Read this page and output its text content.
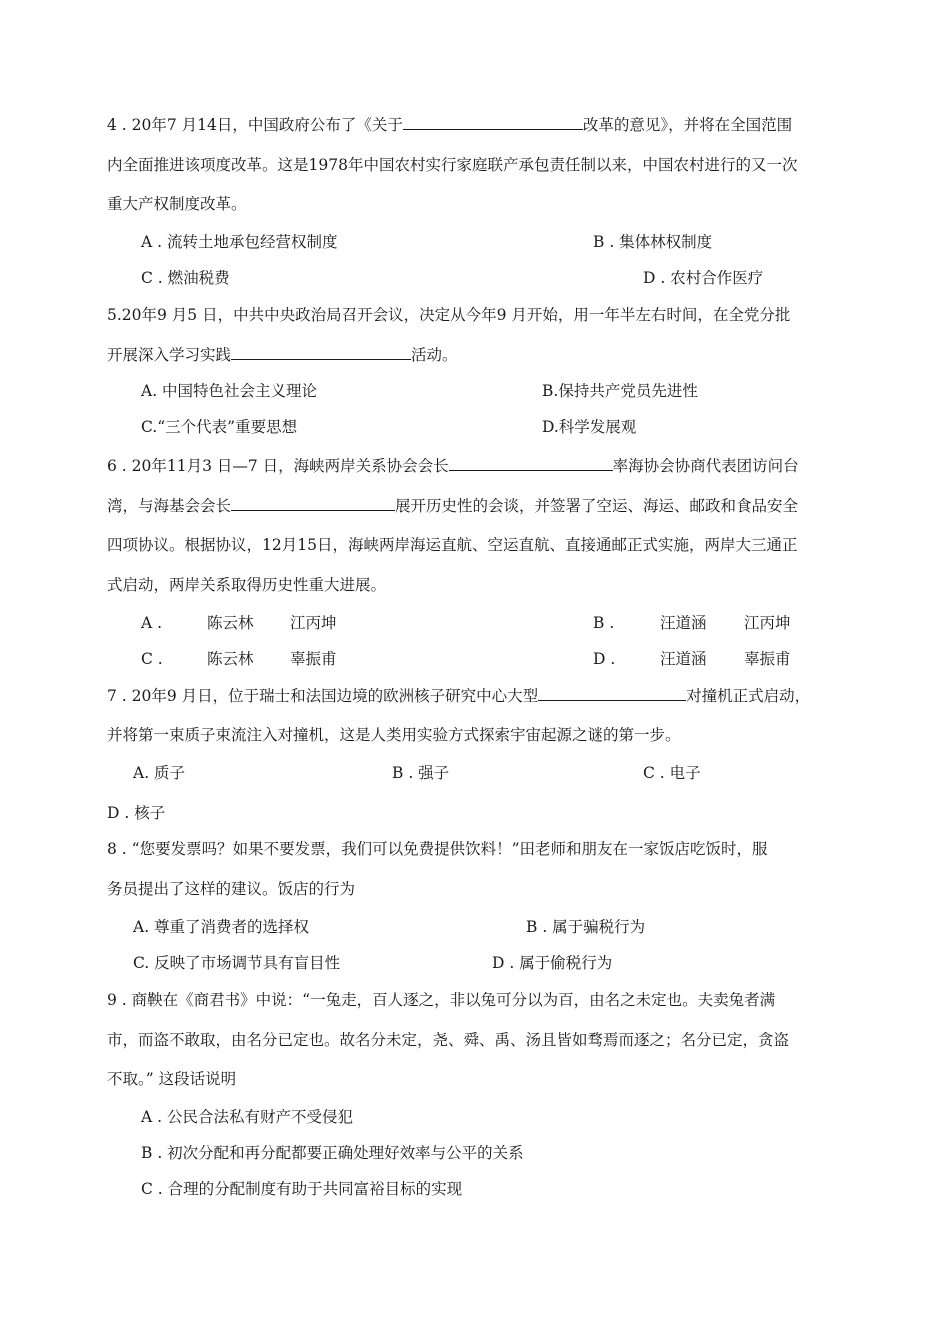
4 . 20年7 月14日，中国政府公布了《关于	改革的意见》，并将在全国范围
内全面推进该项度改革。这是1978年中国农村实行家庭联产承包责任制以来，中国农村进行的又一次
重大产权制度改革。
A . 流转土地承包经营权制度	B . 集体林权制度
C . 燃油税费	D . 农村合作医疗
5.20年9 月5 日，中共中央政治局召开会议，决定从今年9 月开始，用一年半左右时间，在全党分批
开展深入学习实践	活动。
A. 中国特色社会主义理论	B.保持共产党员先进性
C.“三个代表”重要思想	D.科学发展观
6 . 20年11月3 日—7 日，海峡两岸关系协会会长	率海协会协商代表团访问台
湾，与海基会会长	展开历史性的会谈，并签署了空运、海运、邮政和食品安全
四项协议。根据协议，12月15日，海峡两岸海运直航、空运直航、直接通邮正式实施，两岸大三通正
式启动，两岸关系取得历史性重大进展。
A .	陈云林 江丙坤	B .	汪道涵 江丙坤
C .	陈云林 辜振甫	D .	汪道涵 辜振甫
7 . 20年9 月日，位于瑞士和法国边境的欧洲核子研究中心大型	对撞机正式启动，
并将第一束质子束流注入对撞机，这是人类用实验方式探索宇宙起源之谜的第一步。
A. 质子	B . 强子	C . 电子
D . 核子
8 . “您要发票吗？如果不要发票，我们可以免费提供饮料！”田老师和朋友在一家饭店吃饭时，服
务员提出了这样的建议。饭店的行为
A. 尊重了消费者的选择权	B . 属于骗税行为
C. 反映了市场调节具有盲目性	D . 属于偷税行为
9 . 商鞅在《商君书》中说：“一兔走，百人逐之，非以兔可分以为百，由名之未定也。夫卖兔者满
市，而盗不敢取，由名分已定也。故名分未定，尧、舜、禹、汤且皆如骛焉而逐之；名分已定，贪盗
不取。” 这段话说明
A . 公民合法私有财产不受侵犯
B . 初次分配和再分配都要正确处理好效率与公平的关系
C . 合理的分配制度有助于共同富裕目标的实现
